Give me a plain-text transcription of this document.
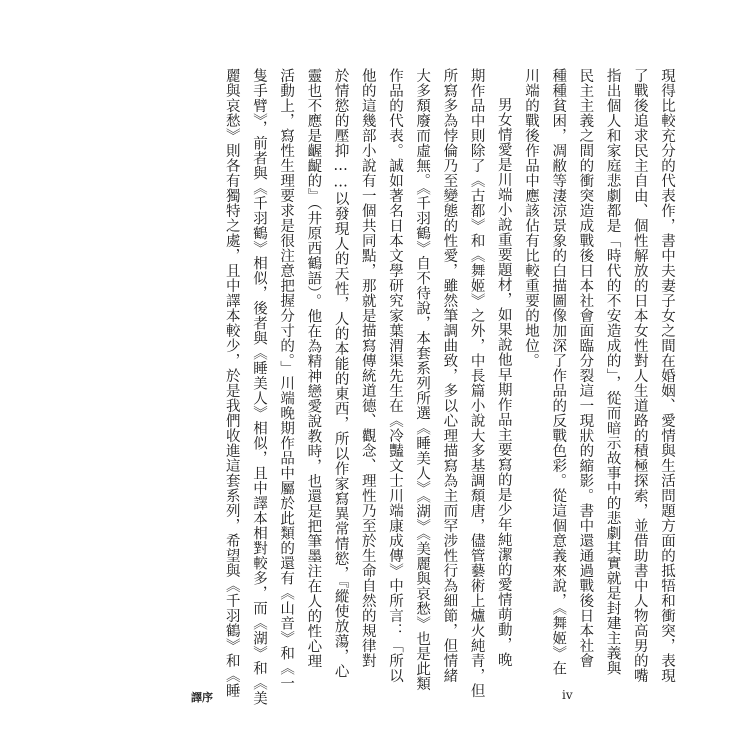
現得比較充分的代表作，書中夫妻子女之間在婚姻、愛情與生活問題方面的抵牾和衝突，表現
了戰後追求民主自由、個性解放的日本女性對人生道路的積極探索，並借助書中人物高男的嘴
指出個人和家庭悲劇都是「時代的不安造成的」，從而暗示故事中的悲劇其實就是封建主義與
民主主義之間的衝突造成戰後日本社會面臨分裂這一現狀的縮影。書中還通過戰後日本社會
種種貧困，凋敝等淒涼景象的白描圖像加深了作品的反戰色彩。從這個意義來說，《舞姬》在
川端的戰後作品中應該佔有比較重要的地位。
男女情愛是川端小說重要題材，如果說他早期作品主要寫的是少年純潔的愛情萌動，晚
期作品中則除了《古都》和《舞姬》之外，中長篇小說大多基調頹唐，儘管藝術上爐火純青，但
所寫多為悖倫乃至變態的性愛，雖然筆調曲致，多以心理描寫為主而罕涉性行為細節，但情緒
大多頹廢而虛無。《千羽鶴》自不待說，本套系列所選《睡美人》《湖》《美麗與哀愁》也是此類
作品的代表。誠如著名日本文學研究家葉渭渠先生在《冷豔文士川端康成傳》中所言：「所以
他的這幾部小說有一個共同點，那就是描寫傳統道德、觀念、理性乃至於生命自然的規律對
於情慾的壓抑……以發現人的天性，人的本能的東西，所以作家寫異常情慾，『縱使放蕩，心
靈也不應是齷齪的』（井原西鶴語）。他在為精神戀愛說教時，也還是把筆墨注在人的性心理
活動上，寫性生理要求是很注意把握分寸的。」川端晚期作品中屬於此類的還有《山音》和《一
隻手臂》，前者與《千羽鶴》相似，後者與《睡美人》相似，且中譯本相對較多，而《湖》和《美
麗與哀愁》則各有獨特之處，且中譯本較少，於是我們收進這套系列，希望與《千羽鶴》和《睡
譯序	iv
